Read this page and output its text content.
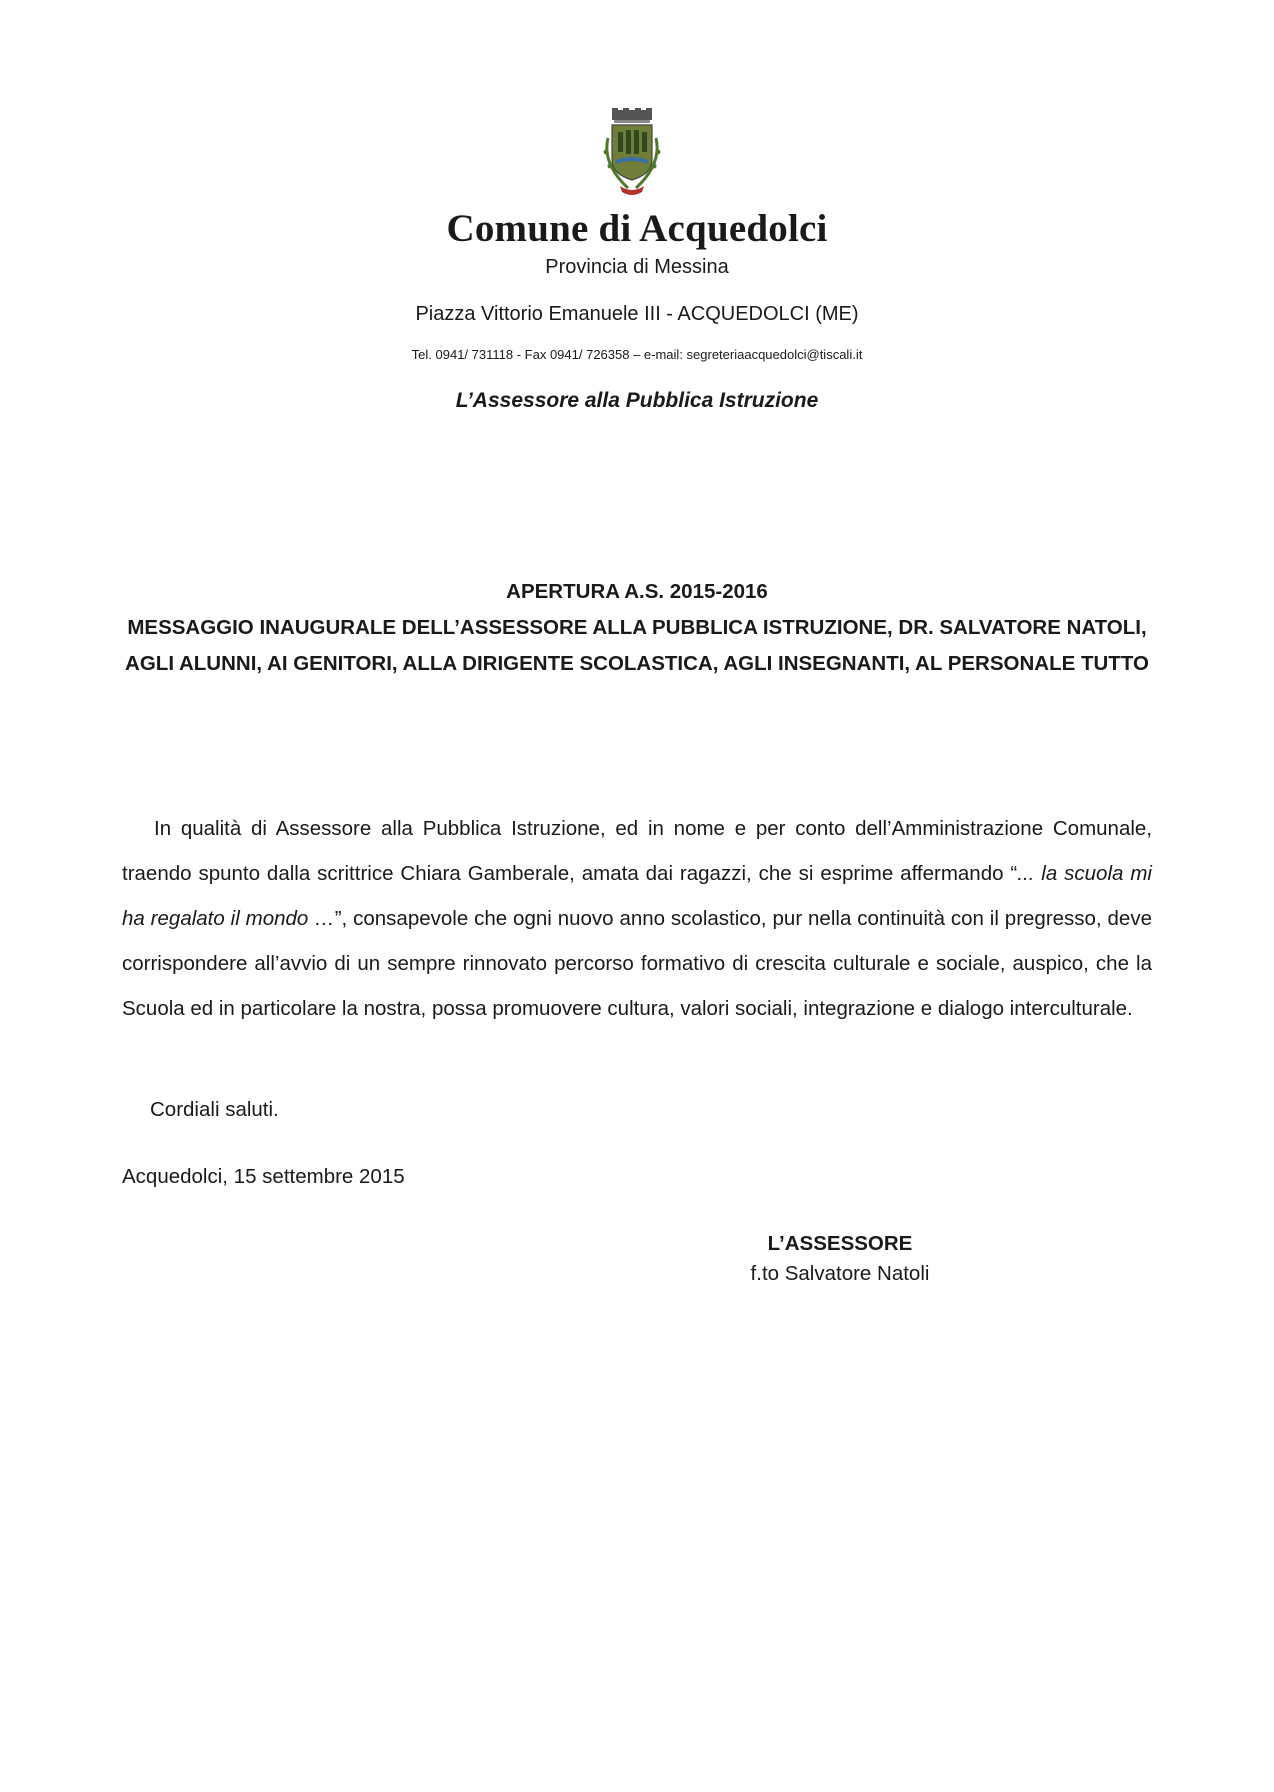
Comune di Acquedolci
Provincia di Messina
Piazza Vittorio Emanuele III - ACQUEDOLCI (ME)
Tel. 0941/ 731118 - Fax 0941/ 726358 – e-mail: segreteriaacquedolci@tiscali.it
L’Assessore alla Pubblica Istruzione
APERTURA A.S. 2015-2016
MESSAGGIO INAUGURALE DELL’ASSESSORE ALLA PUBBLICA ISTRUZIONE, DR. SALVATORE NATOLI,
AGLI ALUNNI, AI GENITORI, ALLA DIRIGENTE SCOLASTICA, AGLI INSEGNANTI, AL PERSONALE TUTTO

In qualità di Assessore alla Pubblica Istruzione, ed in nome e per conto dell’Amministrazione Comunale, traendo spunto dalla scrittrice Chiara Gamberale, amata dai ragazzi, che si esprime affermando “... la scuola mi ha regalato il mondo …”, consapevole che ogni nuovo anno scolastico, pur nella continuità con il pregresso, deve corrispondere all’avvio di un sempre rinnovato percorso formativo di crescita culturale e sociale, auspico, che la Scuola ed in particolare la nostra, possa promuovere cultura, valori sociali, integrazione e dialogo interculturale.

Cordiali saluti.
Acquedolci, 15 settembre 2015
L’ASSESSORE
f.to Salvatore Natoli
